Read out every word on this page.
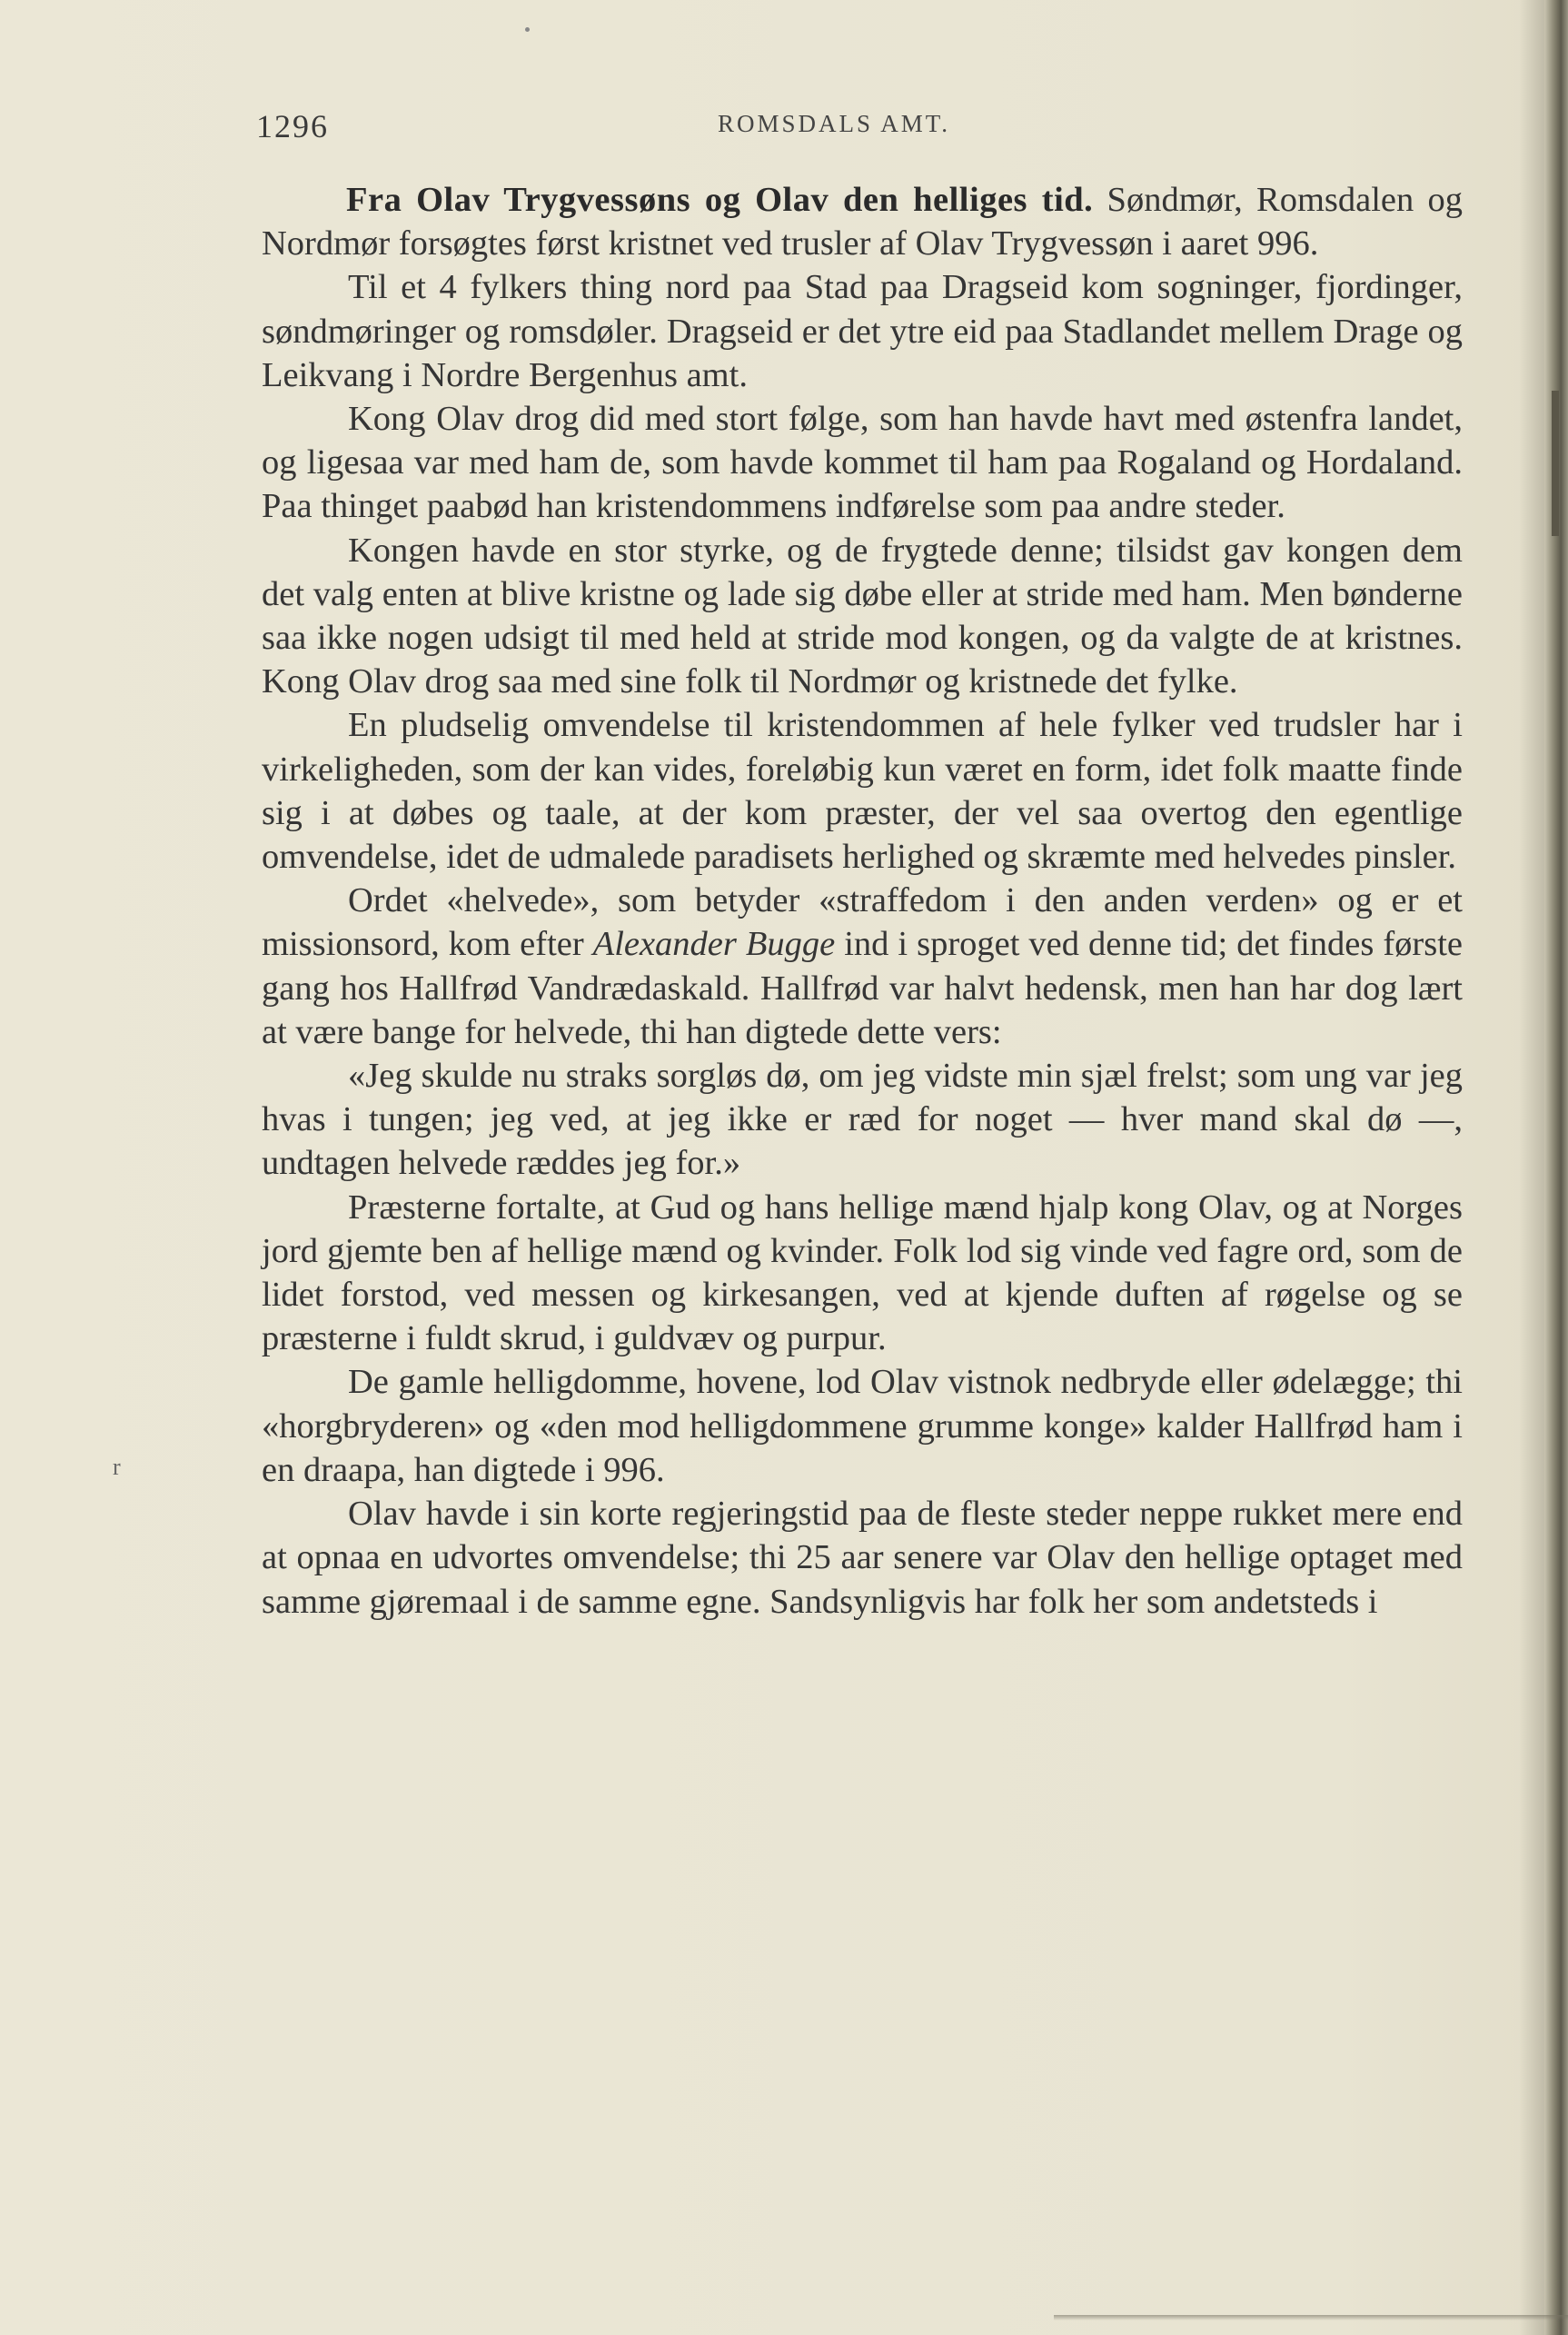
1296	ROMSDALS AMT.
r

Fra Olav Trygvessøns og Olav den helliges tid. Søndmør, Romsdalen og Nordmør forsøgtes først kristnet ved trusler af Olav Trygvessøn i aaret 996.

Til et 4 fylkers thing nord paa Stad paa Dragseid kom sogninger, fjordinger, søndmøringer og romsdøler. Dragseid er det ytre eid paa Stadlandet mellem Drage og Leikvang i Nordre Bergenhus amt.

Kong Olav drog did med stort følge, som han havde havt med østenfra landet, og ligesaa var med ham de, som havde kommet til ham paa Rogaland og Hordaland. Paa thinget paabød han kristendommens indførelse som paa andre steder.

Kongen havde en stor styrke, og de frygtede denne; tilsidst gav kongen dem det valg enten at blive kristne og lade sig døbe eller at stride med ham. Men bønderne saa ikke nogen udsigt til med held at stride mod kongen, og da valgte de at kristnes. Kong Olav drog saa med sine folk til Nordmør og kristnede det fylke.

En pludselig omvendelse til kristendommen af hele fylker ved trudsler har i virkeligheden, som der kan vides, foreløbig kun været en form, idet folk maatte finde sig i at døbes og taale, at der kom præster, der vel saa overtog den egentlige omvendelse, idet de udmalede paradisets herlighed og skræmte med helvedes pinsler.

Ordet «helvede», som betyder «straffedom i den anden verden» og er et missionsord, kom efter Alexander Bugge ind i sproget ved denne tid; det findes første gang hos Hallfrød Vandrædaskald. Hallfrød var halvt hedensk, men han har dog lært at være bange for helvede, thi han digtede dette vers:

«Jeg skulde nu straks sorgløs dø, om jeg vidste min sjæl frelst; som ung var jeg hvas i tungen; jeg ved, at jeg ikke er ræd for noget — hver mand skal dø —, undtagen helvede ræddes jeg for.»

Præsterne fortalte, at Gud og hans hellige mænd hjalp kong Olav, og at Norges jord gjemte ben af hellige mænd og kvinder. Folk lod sig vinde ved fagre ord, som de lidet forstod, ved messen og kirkesangen, ved at kjende duften af røgelse og se præsterne i fuldt skrud, i guldvæv og purpur.

De gamle helligdomme, hovene, lod Olav vistnok nedbryde eller ødelægge; thi «horgbryderen» og «den mod helligdommene grumme konge» kalder Hallfrød ham i en draapa, han digtede i 996.

Olav havde i sin korte regjeringstid paa de fleste steder neppe rukket mere end at opnaa en udvortes omvendelse; thi 25 aar senere var Olav den hellige optaget med samme gjøremaal i de samme egne. Sandsynligvis har folk her som andetsteds i
